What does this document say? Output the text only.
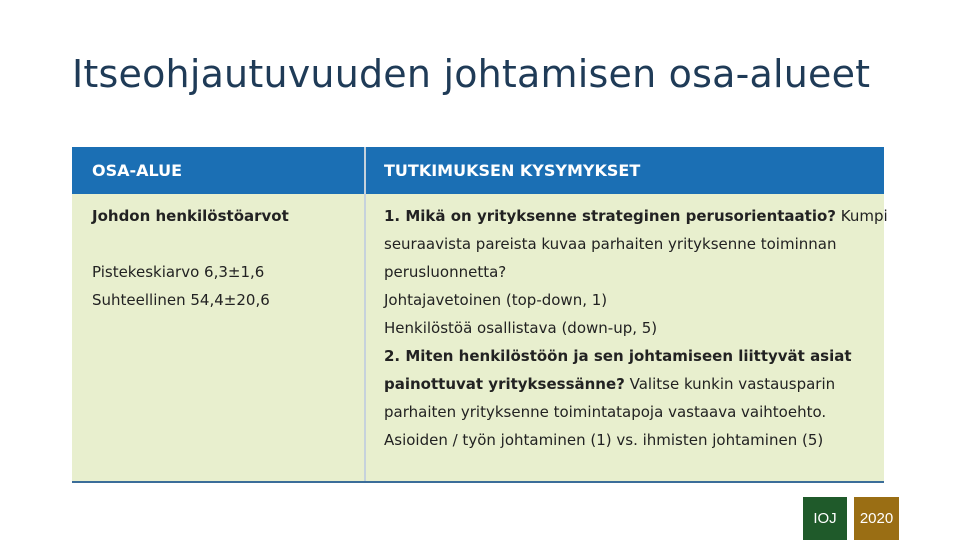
Itseohjautuvuuden johtamisen osa-alueet
OSA-ALUE	TUTKIMUKSEN KYSYMYKSET
Johdon henkilöstöarvot
Pistekeskiarvo 6,3±1,6
Suhteellinen 54,4±20,6
1. Mikä on yrityksenne strateginen perusorientaatio? Kumpi
seuraavista pareista kuvaa parhaiten yrityksenne toiminnan
perusluonnetta?
Johtajavetoinen (top-down, 1)
Henkilöstöä osallistava (down-up, 5)
2. Miten henkilöstöön ja sen johtamiseen liittyvät asiat
painottuvat yrityksessänne? Valitse kunkin vastausparin
parhaiten yrityksenne toimintatapoja vastaava vaihtoehto.
Asioiden / työn johtaminen (1) vs. ihmisten johtaminen (5)
IOJ	2020
